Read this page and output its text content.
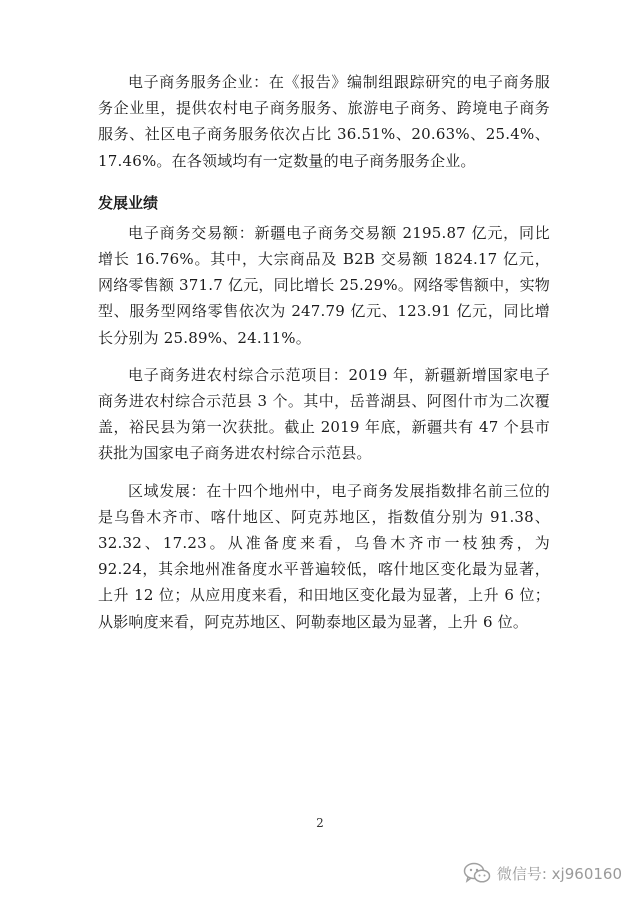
电子商务服务企业：在《报告》编制组跟踪研究的电子商务服务企业里，提供农村电子商务服务、旅游电子商务、跨境电子商务服务、社区电子商务服务依次占比 36.51%、20.63%、25.4%、17.46%。在各领域均有一定数量的电子商务服务企业。

发展业绩

电子商务交易额：新疆电子商务交易额 2195.87 亿元，同比增长 16.76%。其中，大宗商品及 B2B 交易额 1824.17 亿元，网络零售额 371.7 亿元，同比增长 25.29%。网络零售额中，实物型、服务型网络零售依次为 247.79 亿元、123.91 亿元，同比增长分别为 25.89%、24.11%。

电子商务进农村综合示范项目：2019 年，新疆新增国家电子商务进农村综合示范县 3 个。其中，岳普湖县、阿图什市为二次覆盖，裕民县为第一次获批。截止 2019 年底，新疆共有 47 个县市获批为国家电子商务进农村综合示范县。

区域发展：在十四个地州中，电子商务发展指数排名前三位的是乌鲁木齐市、喀什地区、阿克苏地区，指数值分别为 91.38、32.32、17.23。从准备度来看，乌鲁木齐市一枝独秀，为 92.24，其余地州准备度水平普遍较低，喀什地区变化最为显著，上升 12 位；从应用度来看，和田地区变化最为显著，上升 6 位；从影响度来看，阿克苏地区、阿勒泰地区最为显著，上升 6 位。

2
微信号: xj960160
